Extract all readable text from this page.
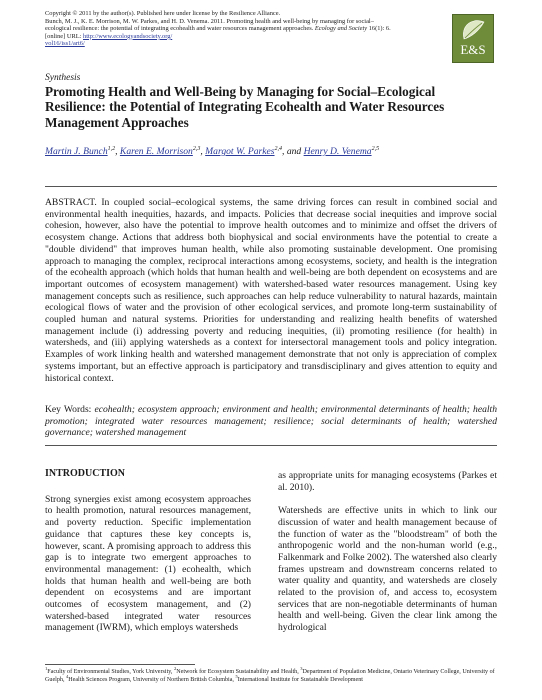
Copyright © 2011 by the author(s). Published here under license by the Resilience Alliance.
Bunch, M. J., K. E. Morrison, M. W. Parkes, and H. D. Venema. 2011. Promoting health and well-being by managing for social–ecological resilience: the potential of integrating ecohealth and water resources management approaches. Ecology and Society 16(1): 6. [online] URL: http://www.ecologyandsociety.org/
vol16/iss1/art6/	E&S
Synthesis
Promoting Health and Well-Being by Managing for Social–Ecological Resilience: the Potential of Integrating Ecohealth and Water Resources Management Approaches
Martin J. Bunch$^{1,2}$, Karen E. Morrison$^{2,3}$, Margot W. Parkes$^{2,4}$, and Henry D. Venema$^{2,5}$
ABSTRACT. In coupled social–ecological systems, the same driving forces can result in combined social and environmental health inequities, hazards, and impacts. Policies that decrease social inequities and improve social cohesion, however, also have the potential to improve health outcomes and to minimize and offset the drivers of ecosystem change. Actions that address both biophysical and social environments have the potential to create a "double dividend" that improves human health, while also promoting sustainable development. One promising approach to managing the complex, reciprocal interactions among ecosystems, society, and health is the integration of the ecohealth approach (which holds that human health and well-being are both dependent on ecosystems and are important outcomes of ecosystem management) with watershed-based water resources management. Using key management concepts such as resilience, such approaches can help reduce vulnerability to natural hazards, maintain ecological flows of water and the provision of other ecological services, and promote long-term sustainability of coupled human and natural systems. Priorities for understanding and realizing health benefits of watershed management include (i) addressing poverty and reducing inequities, (ii) promoting resilience (for health) in watersheds, and (iii) applying watersheds as a context for intersectoral management tools and policy integration. Examples of work linking health and watershed management demonstrate that not only is appreciation of complex systems important, but an effective approach is participatory and transdisciplinary and gives attention to equity and historical context.
Key Words: ecohealth; ecosystem approach; environment and health; environmental determinants of health; health promotion; integrated water resources management; resilience; social determinants of health; watershed governance; watershed management
INTRODUCTION

Strong synergies exist among ecosystem approaches to health promotion, natural resources management, and poverty reduction. Specific implementation guidance that captures these key concepts is, however, scant. A promising approach to address this gap is to integrate two emergent approaches to environmental management: (1) ecohealth, which holds that human health and well-being are both dependent on ecosystems and are important outcomes of ecosystem management, and (2) watershed-based integrated water resources management (IWRM), which employs watersheds

as appropriate units for managing ecosystems (Parkes et al. 2010).

Watersheds are effective units in which to link our discussion of water and health management because of the function of water as the "bloodstream" of both the anthropogenic world and the non-human world (e.g., Falkenmark and Folke 2002). The watershed also clearly frames upstream and downstream concerns related to water quality and quantity, and watersheds are closely related to the provision of, and access to, ecosystem services that are non-negotiable determinants of human health and well-being. Given the clear link among the hydrological

$^1$Faculty of Environmental Studies, York University, $^2$Network for Ecosystem Sustainability and Health, $^3$Department of Population Medicine, Ontario Veterinary College, University of Guelph, $^4$Health Sciences Program, University of Northern British Columbia, $^5$International Institute for Sustainable Development
